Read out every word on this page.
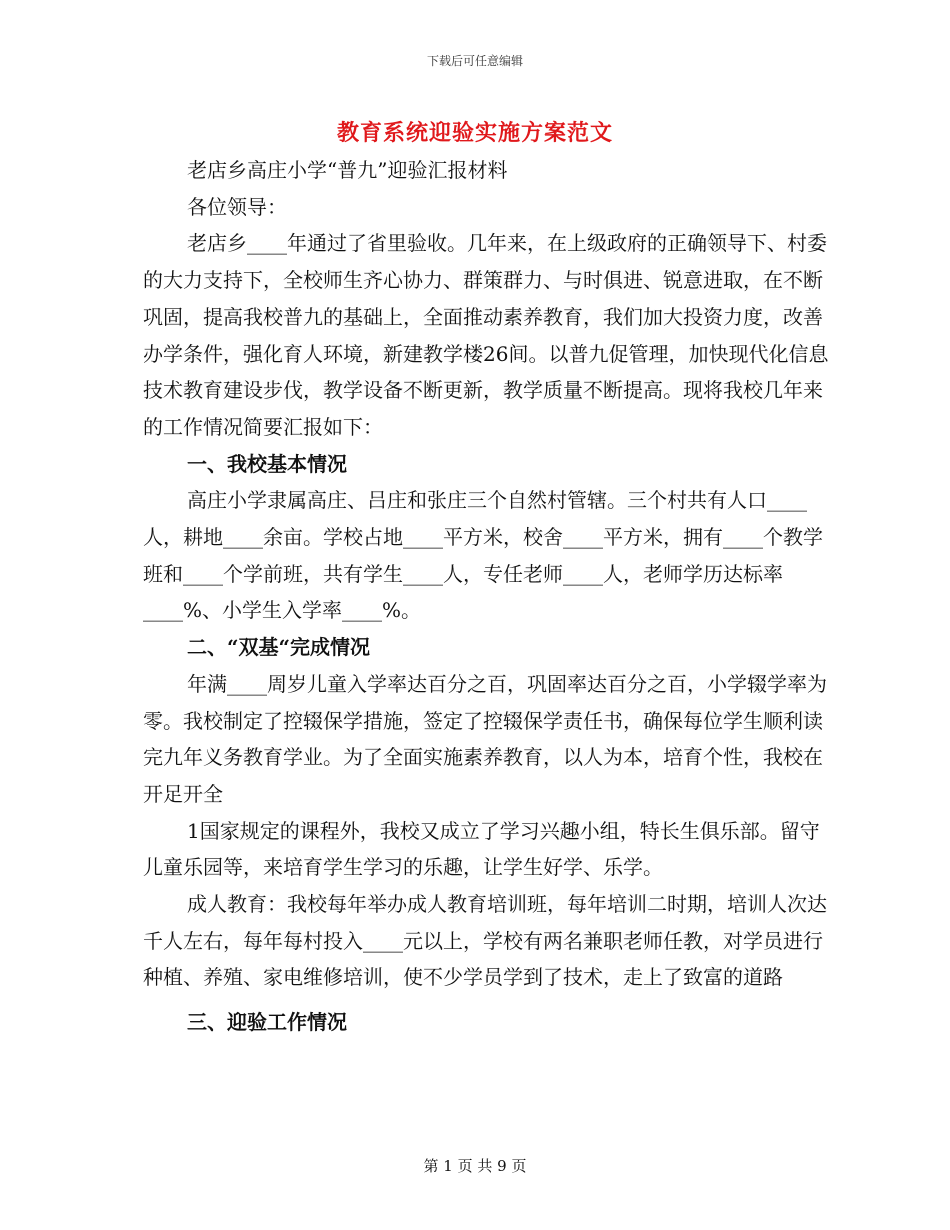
下载后可任意编辑
教育系统迎验实施方案范文

老店乡高庄小学“普九”迎验汇报材料

各位领导：

老店乡____年通过了省里验收。几年来，在上级政府的正确领导下、村委的大力支持下，全校师生齐心协力、群策群力、与时俱进、锐意进取，在不断巩固，提高我校普九的基础上，全面推动素养教育，我们加大投资力度，改善办学条件，强化育人环境，新建教学楼26间。以普九促管理，加快现代化信息技术教育建设步伐，教学设备不断更新，教学质量不断提高。现将我校几年来的工作情况简要汇报如下：

一、我校基本情况

高庄小学隶属高庄、吕庄和张庄三个自然村管辖。三个村共有人口____人，耕地____余亩。学校占地____平方米，校舍____平方米，拥有____个教学班和____个学前班，共有学生____人，专任老师____人，老师学历达标率____%、小学生入学率____%。

二、“双基“完成情况

年满____周岁儿童入学率达百分之百，巩固率达百分之百，小学辍学率为零。我校制定了控辍保学措施，签定了控辍保学责任书，确保每位学生顺利读完九年义务教育学业。为了全面实施素养教育，以人为本，培育个性，我校在开足开全

1国家规定的课程外，我校又成立了学习兴趣小组，特长生俱乐部。留守儿童乐园等，来培育学生学习的乐趣，让学生好学、乐学。

成人教育：我校每年举办成人教育培训班，每年培训二时期，培训人次达千人左右，每年每村投入____元以上，学校有两名兼职老师任教，对学员进行种植、养殖、家电维修培训，使不少学员学到了技术，走上了致富的道路

三、迎验工作情况

第 1 页 共 9 页
